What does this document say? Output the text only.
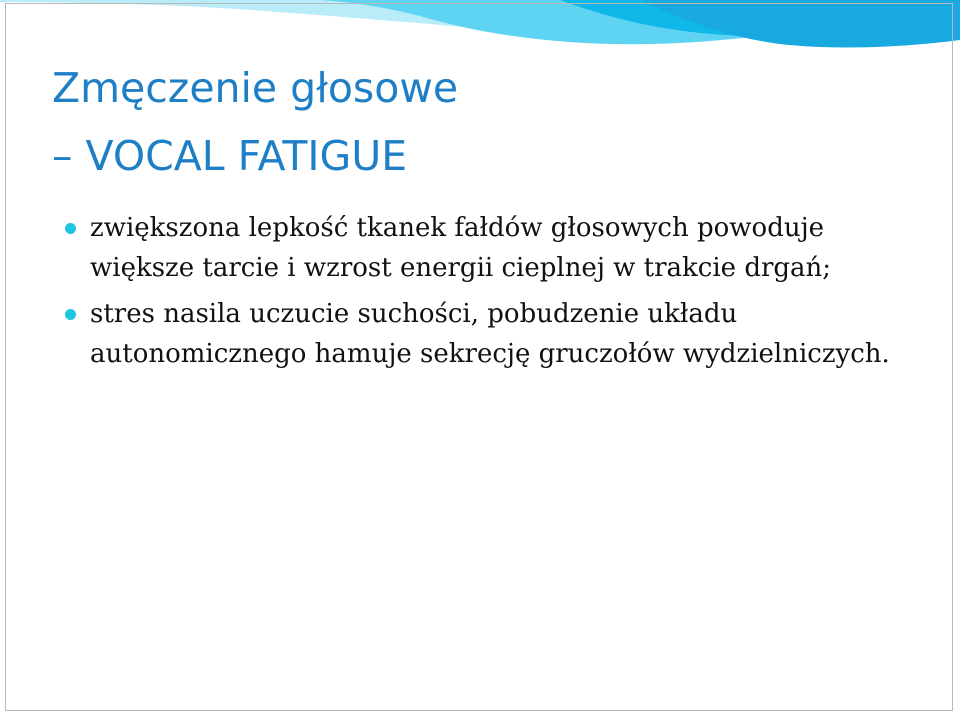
Zmęczenie głosowe
– VOCAL FATIGUE
zwiększona lepkość tkanek fałdów głosowych powoduje większe tarcie i wzrost energii cieplnej w trakcie drgań;
stres nasila uczucie suchości, pobudzenie układu autonomicznego hamuje sekrecję gruczołów wydzielniczych.
